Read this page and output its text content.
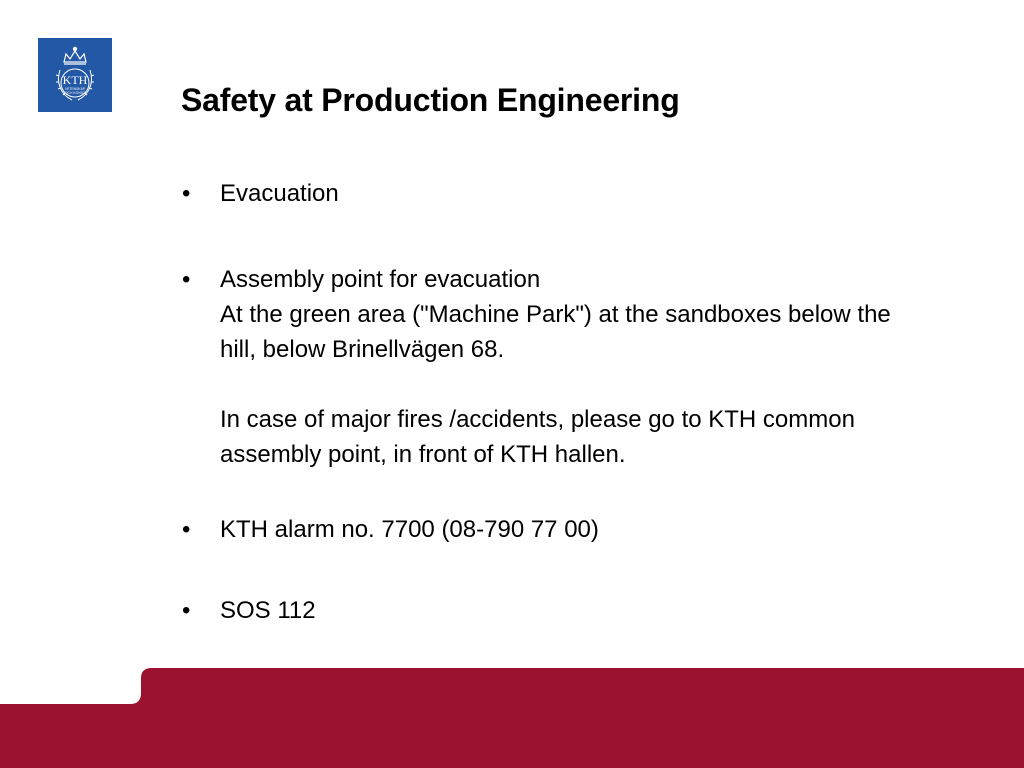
KTH
VETENSKAP
OCH KONST	Safety at Production Engineering
•	Evacuation
•	Assembly point for evacuation
At the green area ("Machine Park") at the sandboxes below the hill, below Brinellvägen 68.

In case of major fires /accidents, please go to KTH common assembly point, in front of KTH hallen.
•	KTH alarm no. 7700 (08-790 77 00)
•	SOS 112
